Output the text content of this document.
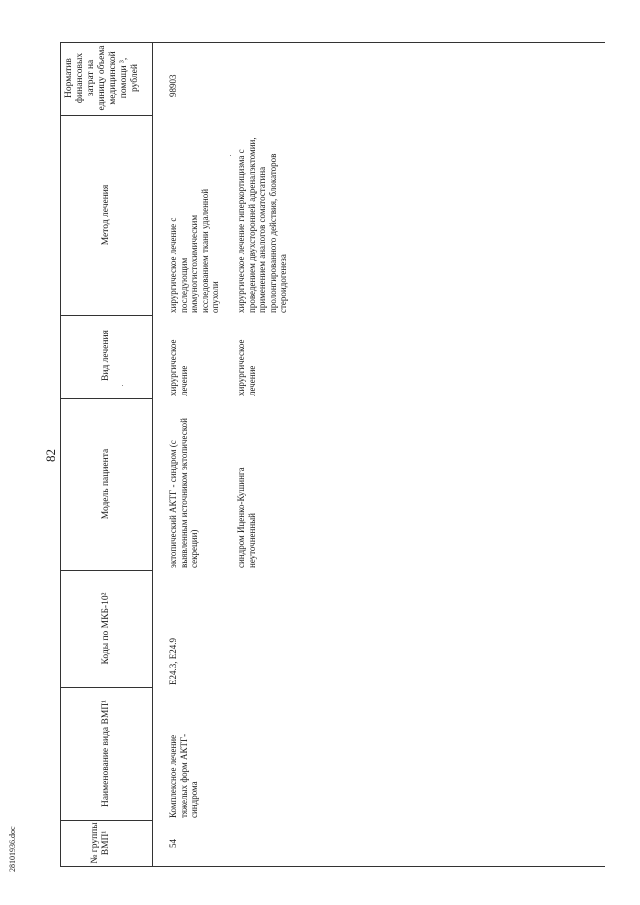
82
№ группы ВМП¹
Наименование вида ВМП¹
Коды по МКБ-10²
Модель пациента
Вид лечения
Метод лечения
Норматив финансовых затрат на единицу объема медицинской помощи ³, рублей
54
Комплексное лечение тяжелых форм АКТГ-синдрома
E24.3, E24.9
98903
эктопический АКТГ - синдром (с выявленным источником эктопической секреции)
хирургическое лечение
хирургическое лечение с последующим иммуногистохимическим исследованием ткани удаленной опухоли
синдром Иценко-Кушинга неуточненный
хирургическое лечение
хирургическое лечение гиперкортицизма с проведением двухсторонней адреналэктомии, применением аналогов соматостатина пролонгированного действия, блокаторов стероидогенеза
28101936.doc
